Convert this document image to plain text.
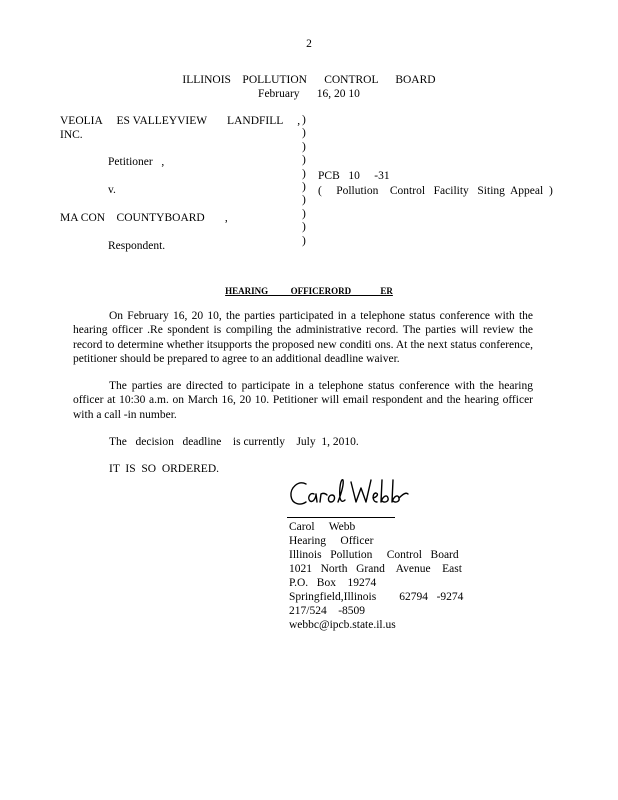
2
ILLINOIS    POLLUTION      CONTROL      BOARD
February      16, 20 10
VEOLIA     ES VALLEYVIEW       LANDFILL     ,
INC.
Petitioner   ,
v.
MA CON    COUNTYBOARD       ,
Respondent.
)
)
)
)
)
)
)
)
)
)
PCB   10     -31
(     Pollution    Control   Facility   Siting  Appeal  )
HEARING          OFFICERORD             ER
On February 16, 20 10, the parties participated in a telephone status conference with the hearing officer .Re spondent is compiling the administrative record. The parties will review the record to determine whether itsupports the proposed new conditi ons. At the next status conference, petitioner should be prepared to agree to an additional deadline waiver.
The parties are directed to participate in a telephone status conference with the hearing officer at 10:30 a.m. on March 16, 20 10. Petitioner will email respondent and the hearing officer with a call -in number.
The   decision   deadline    is currently    July  1, 2010.
IT  IS  SO  ORDERED.
Carol     Webb
Hearing     Officer
Illinois   Pollution     Control   Board
1021   North   Grand    Avenue    East
P.O.   Box    19274
Springfield,Illinois        62794   -9274
217/524    -8509
webbc@ipcb.state.il.us
